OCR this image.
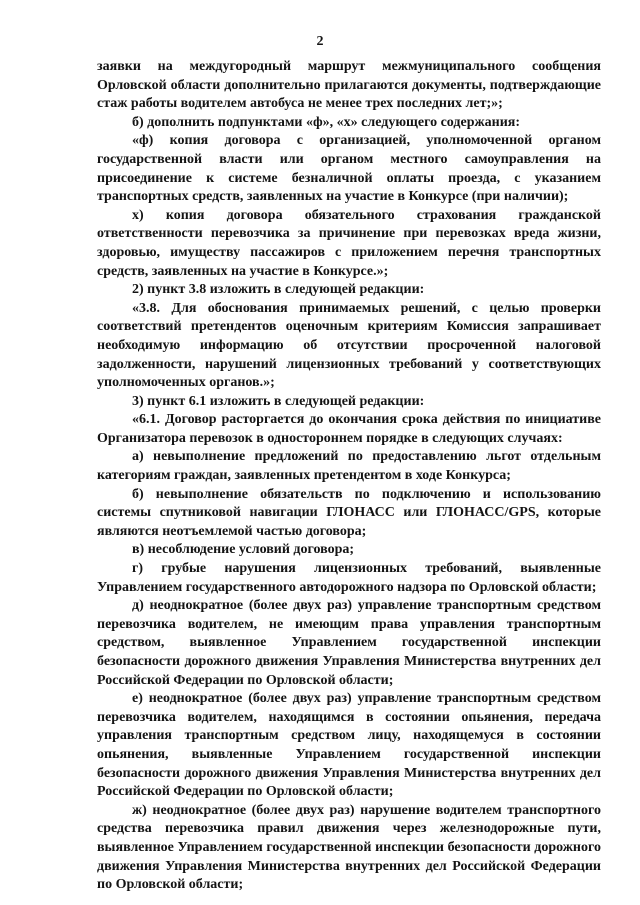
2

заявки на междугородный маршрут межмуниципального сообщения Орловской области дополнительно прилагаются документы, подтверждающие стаж работы водителем автобуса не менее трех последних лет;»;

б) дополнить подпунктами «ф», «х» следующего содержания:

«ф) копия договора с организацией, уполномоченной органом государственной власти или органом местного самоуправления на присоединение к системе безналичной оплаты проезда, с указанием транспортных средств, заявленных на участие в Конкурсе (при наличии);

х) копия договора обязательного страхования гражданской ответственности перевозчика за причинение при перевозках вреда жизни, здоровью, имуществу пассажиров с приложением перечня транспортных средств, заявленных на участие в Конкурсе.»;

2) пункт 3.8 изложить в следующей редакции:

«3.8. Для обоснования принимаемых решений, с целью проверки соответствий претендентов оценочным критериям Комиссия запрашивает необходимую информацию об отсутствии просроченной налоговой задолженности, нарушений лицензионных требований у соответствующих уполномоченных органов.»;

3) пункт 6.1 изложить в следующей редакции:

«6.1. Договор расторгается до окончания срока действия по инициативе Организатора перевозок в одностороннем порядке в следующих случаях:

а) невыполнение предложений по предоставлению льгот отдельным категориям граждан, заявленных претендентом в ходе Конкурса;

б) невыполнение обязательств по подключению и использованию системы спутниковой навигации ГЛОНАСС или ГЛОНАСС/GPS, которые являются неотъемлемой частью договора;

в) несоблюдение условий договора;

г) грубые нарушения лицензионных требований, выявленные Управлением государственного автодорожного надзора по Орловской области;

д) неоднократное (более двух раз) управление транспортным средством перевозчика водителем, не имеющим права управления транспортным средством, выявленное Управлением государственной инспекции безопасности дорожного движения Управления Министерства внутренних дел Российской Федерации по Орловской области;

е) неоднократное (более двух раз) управление транспортным средством перевозчика водителем, находящимся в состоянии опьянения, передача управления транспортным средством лицу, находящемуся в состоянии опьянения, выявленные Управлением государственной инспекции безопасности дорожного движения Управления Министерства внутренних дел Российской Федерации по Орловской области;

ж) неоднократное (более двух раз) нарушение водителем транспортного средства перевозчика правил движения через железнодорожные пути, выявленное Управлением государственной инспекции безопасности дорожного движения Управления Министерства внутренних дел Российской Федерации по Орловской области;
